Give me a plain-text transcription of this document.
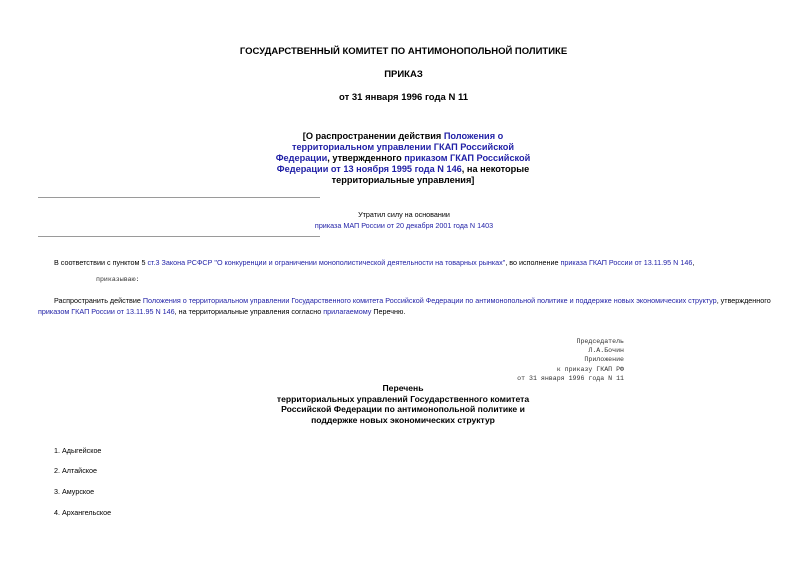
ГОСУДАРСТВЕННЫЙ КОМИТЕТ ПО АНТИМОНОПОЛЬНОЙ ПОЛИТИКЕ
ПРИКАЗ
от 31 января 1996 года N 11
[О распространении действия Положения о территориальном управлении ГКАП Российской Федерации, утвержденного приказом ГКАП Российской Федерации от 13 ноября 1995 года N 146, на некоторые территориальные управления]
Утратил силу на основании
приказа МАП России от 20 декабря 2001 года N 1403
В соответствии с пунктом 5 ст.3 Закона РСФСР "О конкуренции и ограничении монополистической деятельности на товарных рынках", во исполнение приказа ГКАП России от 13.11.95 N 146,
приказываю:
Распространить действие Положения о территориальном управлении Государственного комитета Российской Федерации по антимонопольной политике и поддержке новых экономических структур, утвержденного
приказом ГКАП России от 13.11.95 N 146, на территориальные управления согласно прилагаемому Перечню.
Председатель
Л.А.Бочин
Приложение
к приказу ГКАП РФ
от 31 января 1996 года N 11
Перечень
территориальных управлений Государственного комитета Российской Федерации по антимонопольной политике и поддержке новых экономических структур
1. Адыгейское
2. Алтайское
3. Амурское
4. Архангельское
